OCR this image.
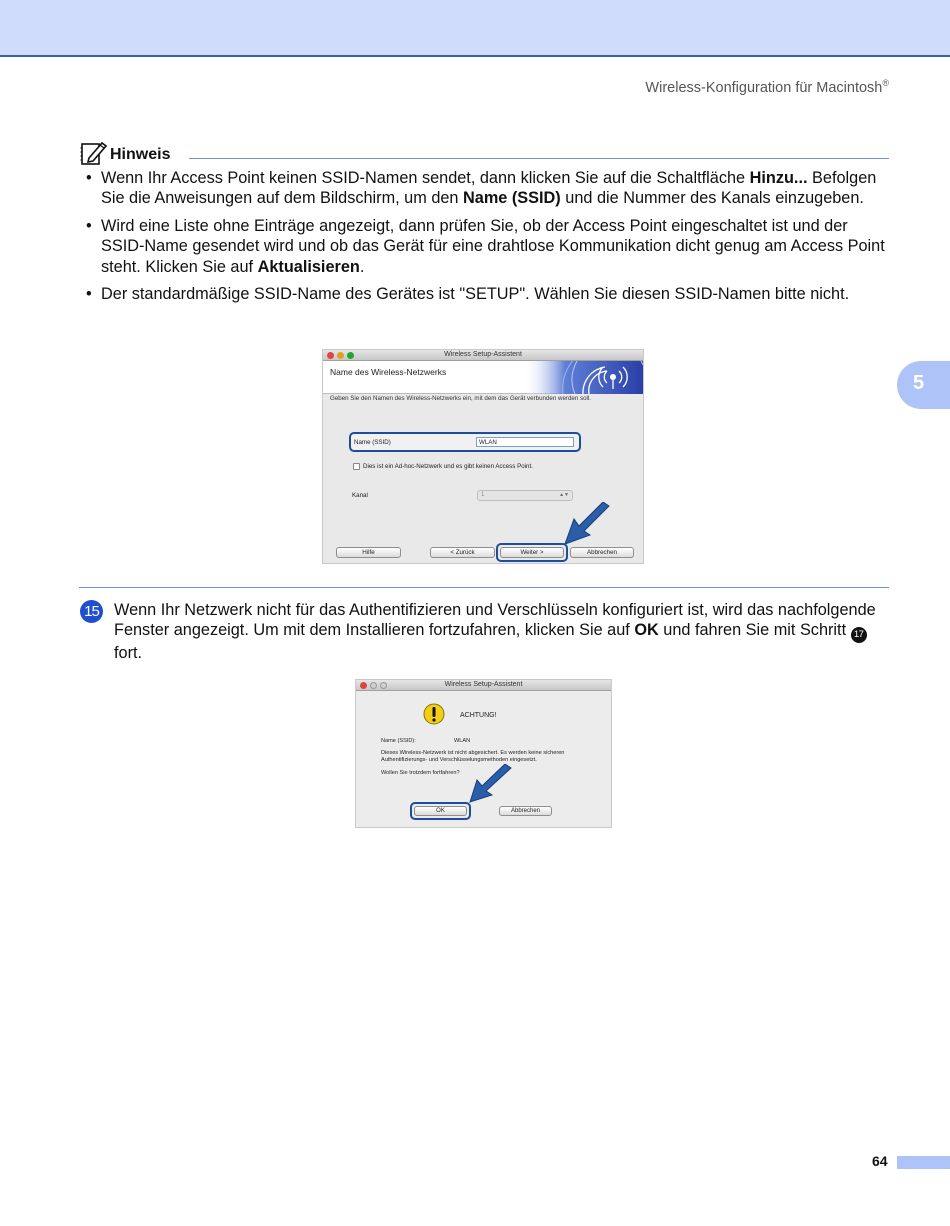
Wireless-Konfiguration für Macintosh®
5
Hinweis
• Wenn Ihr Access Point keinen SSID-Namen sendet, dann klicken Sie auf die Schaltfläche Hinzu... Befolgen Sie die Anweisungen auf dem Bildschirm, um den Name (SSID) und die Nummer des Kanals einzugeben.
• Wird eine Liste ohne Einträge angezeigt, dann prüfen Sie, ob der Access Point eingeschaltet ist und der SSID-Name gesendet wird und ob das Gerät für eine drahtlose Kommunikation dicht genug am Access Point steht. Klicken Sie auf Aktualisieren.
• Der standardmäßige SSID-Name des Gerätes ist "SETUP". Wählen Sie diesen SSID-Namen bitte nicht.
Wireless Setup-Assistent
Name des Wireless-Netzwerks
Geben Sie den Namen des Wireless-Netzwerks ein, mit dem das Gerät verbunden werden soll.
Name (SSID)	WLAN
Dies ist ein Ad-hoc-Netzwerk und es gibt keinen Access Point.
Kanal	1	▲▼
Hilfe	< Zurück	Weiter >	Abbrechen
15 Wenn Ihr Netzwerk nicht für das Authentifizieren und Verschlüsseln konfiguriert ist, wird das nachfolgende Fenster angezeigt. Um mit dem Installieren fortzufahren, klicken Sie auf OK und fahren Sie mit Schritt 17 fort.
Wireless Setup-Assistent
ACHTUNG!
Name (SSID):	WLAN
Dieses Wireless-Netzwerk ist nicht abgesichert. Es werden keine sicheren Authentifizierungs- und Verschlüsselungsmethoden eingesetzt.
Wollen Sie trotzdem fortfahren?
OK	Abbrechen
64
